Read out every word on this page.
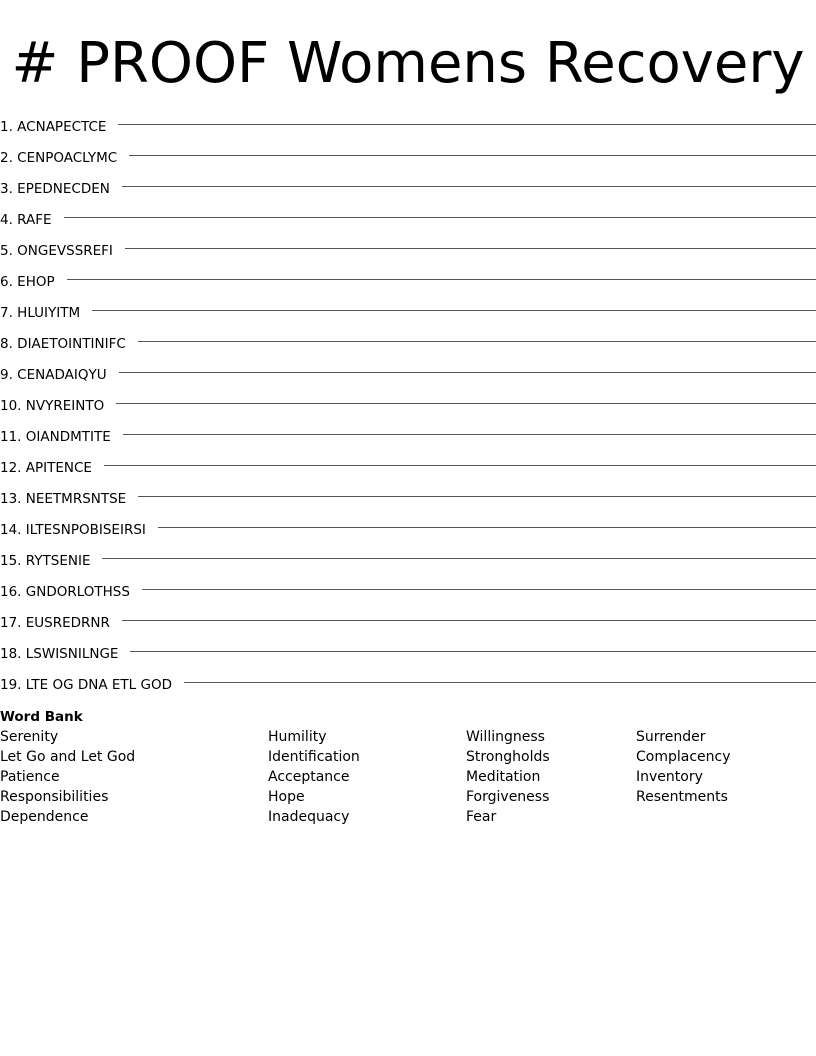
# PROOF Womens Recovery
1. ACNAPECTCE
2. CENPOACLYMC
3. EPEDNECDEN
4. RAFE
5. ONGEVSSREFI
6. EHOP
7. HLUIYITM
8. DIAETOINTINIFC
9. CENADAIQYU
10. NVYREINTO
11. OIANDMTITE
12. APITENCE
13. NEETMRSNTSE
14. ILTESNPOBISEIRSI
15. RYTSENIE
16. GNDORLOTHSS
17. EUSREDRNR
18. LSWISNILNGE
19. LTE OG DNA ETL GOD
Word Bank
Serenity
Let Go and Let God
Patience
Responsibilities
Dependence
Humility
Identification
Acceptance
Hope
Inadequacy
Willingness
Strongholds
Meditation
Forgiveness
Fear
Surrender
Complacency
Inventory
Resentments
